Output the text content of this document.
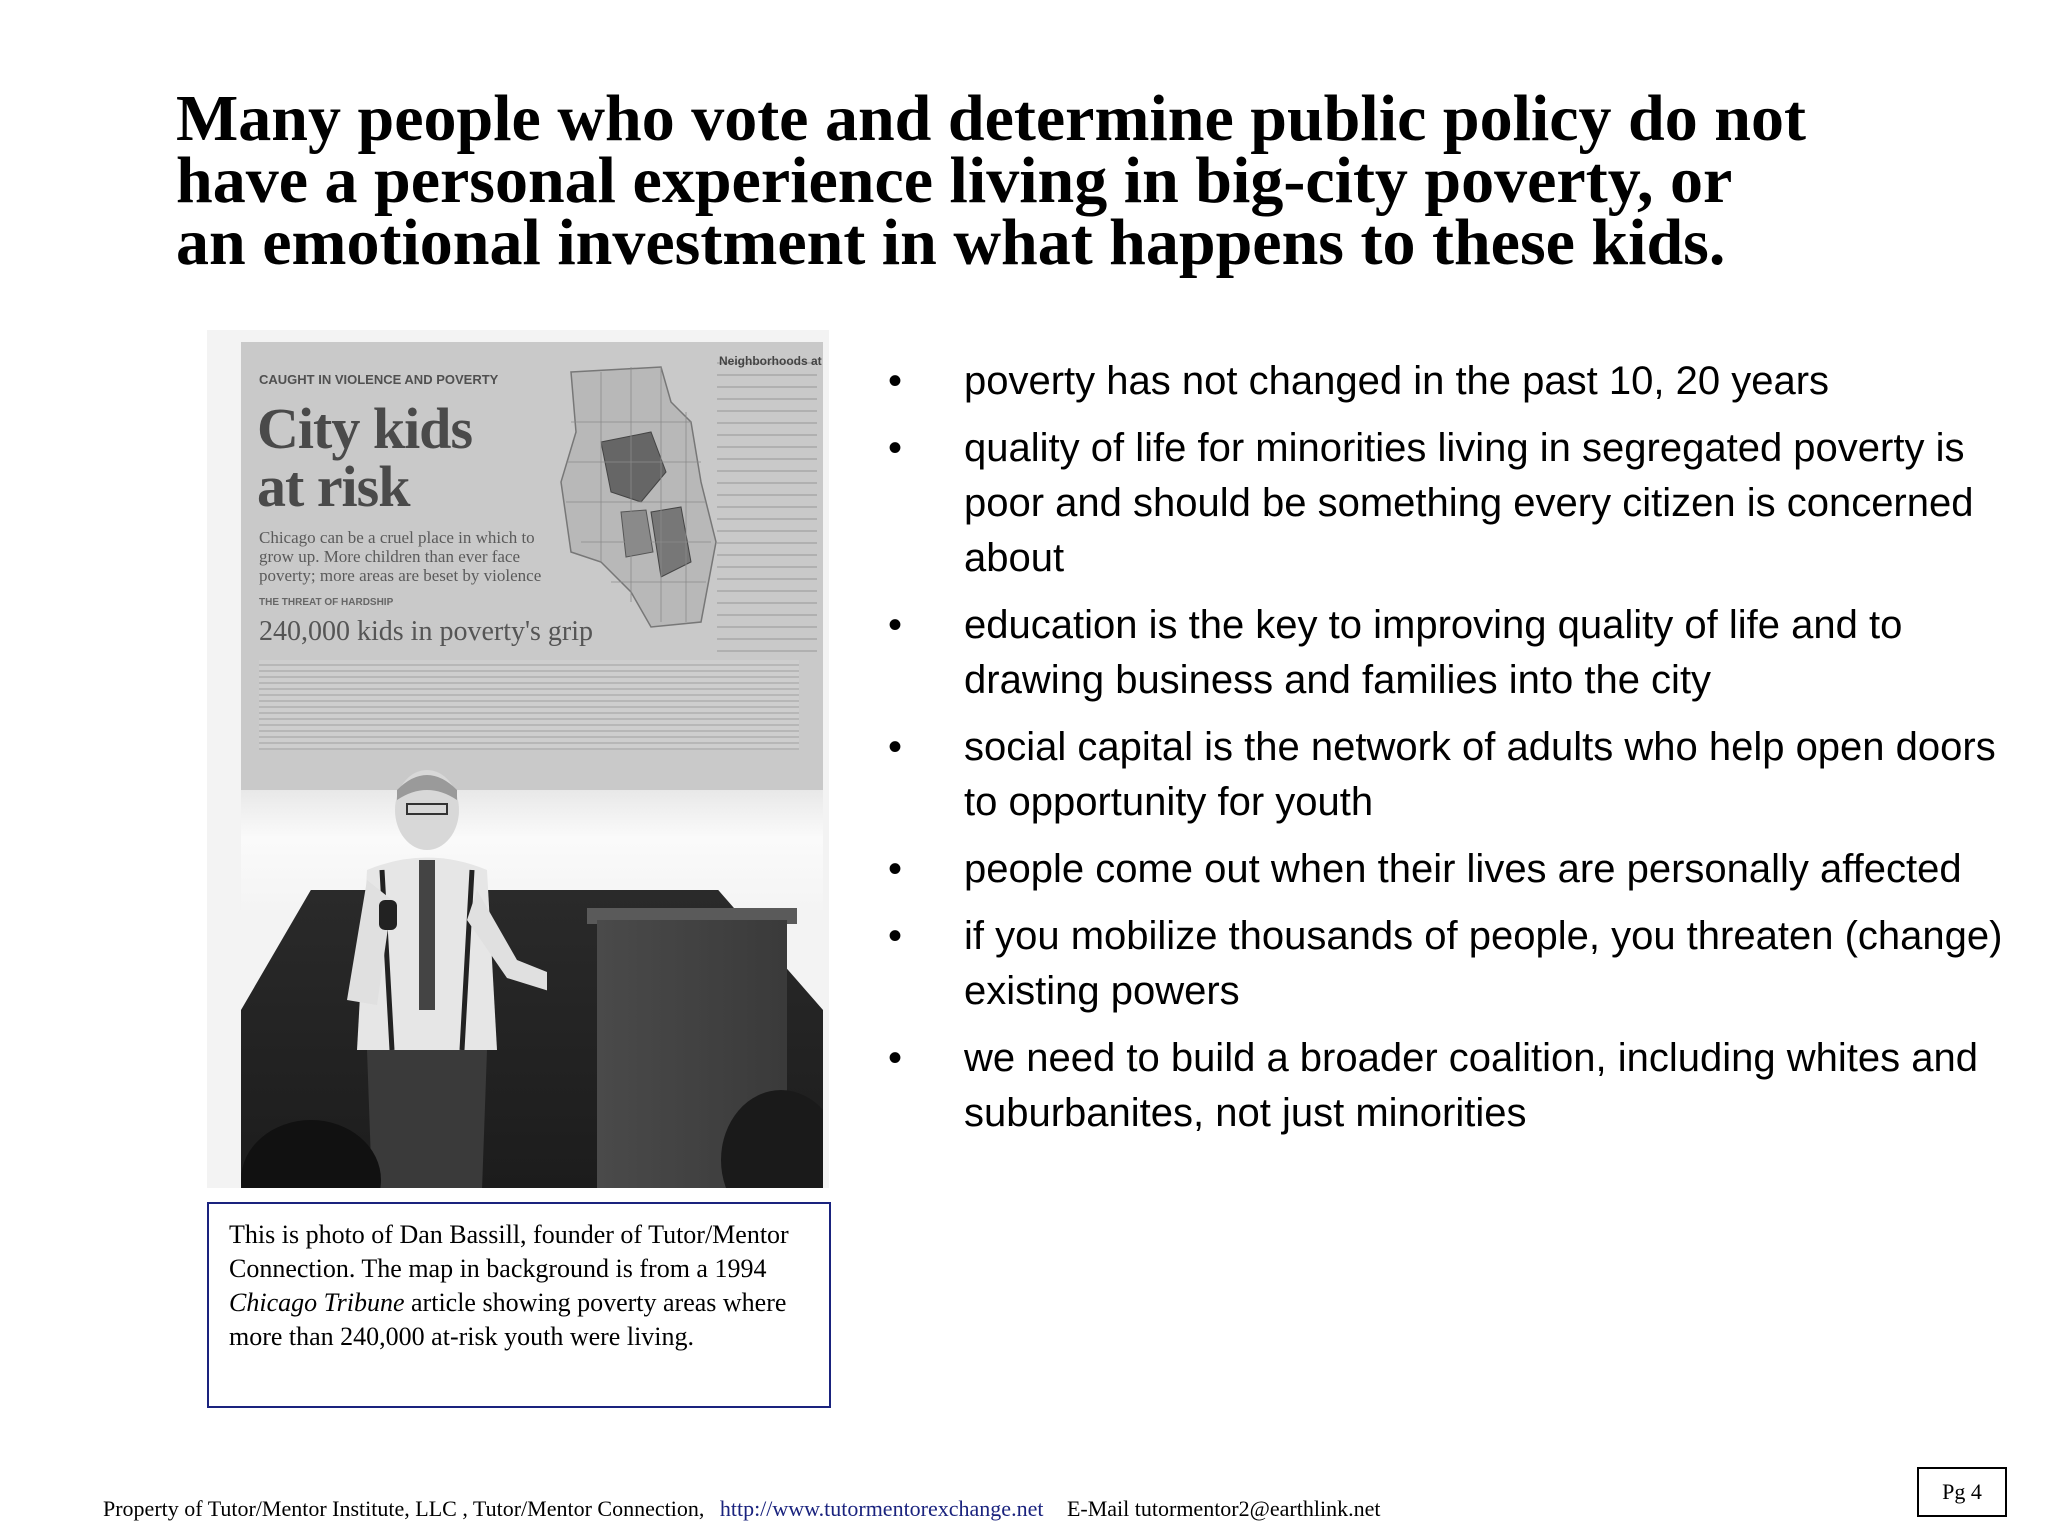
Many people who vote and determine public policy do not
have a personal experience living in big-city poverty, or
an emotional investment in what happens to these kids.
CAUGHT IN VIOLENCE AND POVERTY
City kids
at risk
Chicago can be a cruel place in which to grow up. More children than ever face poverty; more areas are beset by violence
THE THREAT OF HARDSHIP
240,000 kids in poverty's grip
Neighborhoods at
This is photo of Dan Bassill, founder of Tutor/Mentor Connection. The map in background is from a 1994 Chicago Tribune article showing poverty areas where more than 240,000 at-risk youth were living.
• poverty has not changed in the past 10, 20 years
• quality of life for minorities living in segregated poverty is poor and should be something every citizen is concerned about
• education is the key to improving quality of life and to drawing business and families into the city
• social capital is the network of adults who help open doors to opportunity for youth
• people come out when their lives are personally affected
• if you mobilize thousands of people, you threaten (change) existing powers
• we need to build a broader coalition, including whites and suburbanites, not just minorities
Property of Tutor/Mentor Institute, LLC , Tutor/Mentor Connection, http://www.tutormentorexchange.net E-Mail tutormentor2@earthlink.net
Pg 4
